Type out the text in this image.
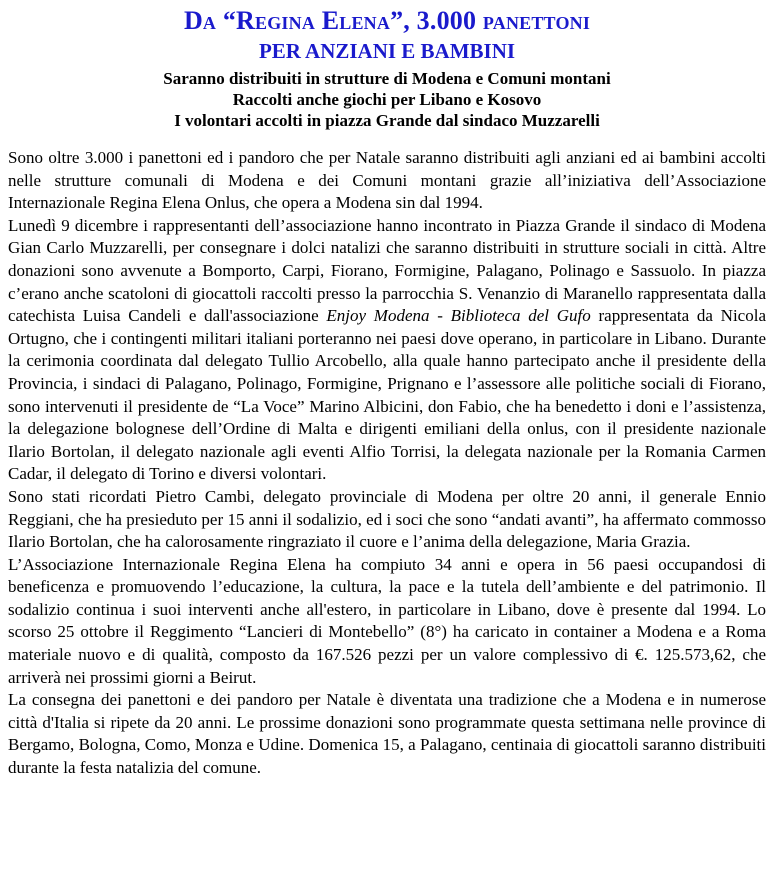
Da “Regina Elena”, 3.000 panettoni
PER ANZIANI E BAMBINI

Saranno distribuiti in strutture di Modena e Comuni montani

Raccolti anche giochi per Libano e Kosovo

I volontari accolti in piazza Grande dal sindaco Muzzarelli

Sono oltre 3.000 i panettoni ed i pandoro che per Natale saranno distribuiti agli anziani ed ai bambini accolti nelle strutture comunali di Modena e dei Comuni montani grazie all’iniziativa dell’Associazione Internazionale Regina Elena Onlus, che opera a Modena sin dal 1994.

Lunedì 9 dicembre i rappresentanti dell’associazione hanno incontrato in Piazza Grande il sindaco di Modena Gian Carlo Muzzarelli, per consegnare i dolci natalizi che saranno distribuiti in strutture sociali in città. Altre donazioni sono avvenute a Bomporto, Carpi, Fiorano, Formigine, Palagano, Polinago e Sassuolo. In piazza c’erano anche scatoloni di giocattoli raccolti presso la parrocchia S. Venanzio di Maranello rappresentata dalla catechista Luisa Candeli e dall'associazione Enjoy Modena - Biblioteca del Gufo rappresentata da Nicola Ortugno, che i contingenti militari italiani porteranno nei paesi dove operano, in particolare in Libano. Durante la cerimonia coordinata dal delegato Tullio Arcobello, alla quale hanno partecipato anche il presidente della Provincia, i sindaci di Palagano, Polinago, Formigine, Prignano e l’assessore alle politiche sociali di Fiorano, sono intervenuti il presidente de “La Voce” Marino Albicini, don Fabio, che ha benedetto i doni e l’assistenza, la delegazione bolognese dell’Ordine di Malta e dirigenti emiliani della onlus, con il presidente nazionale Ilario Bortolan, il delegato nazionale agli eventi Alfio Torrisi, la delegata nazionale per la Romania Carmen Cadar, il delegato di Torino e diversi volontari.

Sono stati ricordati Pietro Cambi, delegato provinciale di Modena per oltre 20 anni, il generale Ennio Reggiani, che ha presieduto per 15 anni il sodalizio, ed i soci che sono “andati avanti”, ha affermato commosso Ilario Bortolan, che ha calorosamente ringraziato il cuore e l’anima della delegazione, Maria Grazia.

L’Associazione Internazionale Regina Elena ha compiuto 34 anni e opera in 56 paesi occupandosi di beneficenza e promuovendo l’educazione, la cultura, la pace e la tutela dell’ambiente e del patrimonio. Il sodalizio continua i suoi interventi anche all'estero, in particolare in Libano, dove è presente dal 1994. Lo scorso 25 ottobre il Reggimento “Lancieri di Montebello” (8°) ha caricato in container a Modena e a Roma materiale nuovo e di qualità, composto da 167.526 pezzi per un valore complessivo di €. 125.573,62, che arriverà nei prossimi giorni a Beirut.

La consegna dei panettoni e dei pandoro per Natale è diventata una tradizione che a Modena e in numerose città d'Italia si ripete da 20 anni. Le prossime donazioni sono programmate questa settimana nelle province di Bergamo, Bologna, Como, Monza e Udine. Domenica 15, a Palagano, centinaia di giocattoli saranno distribuiti durante la festa natalizia del comune.
